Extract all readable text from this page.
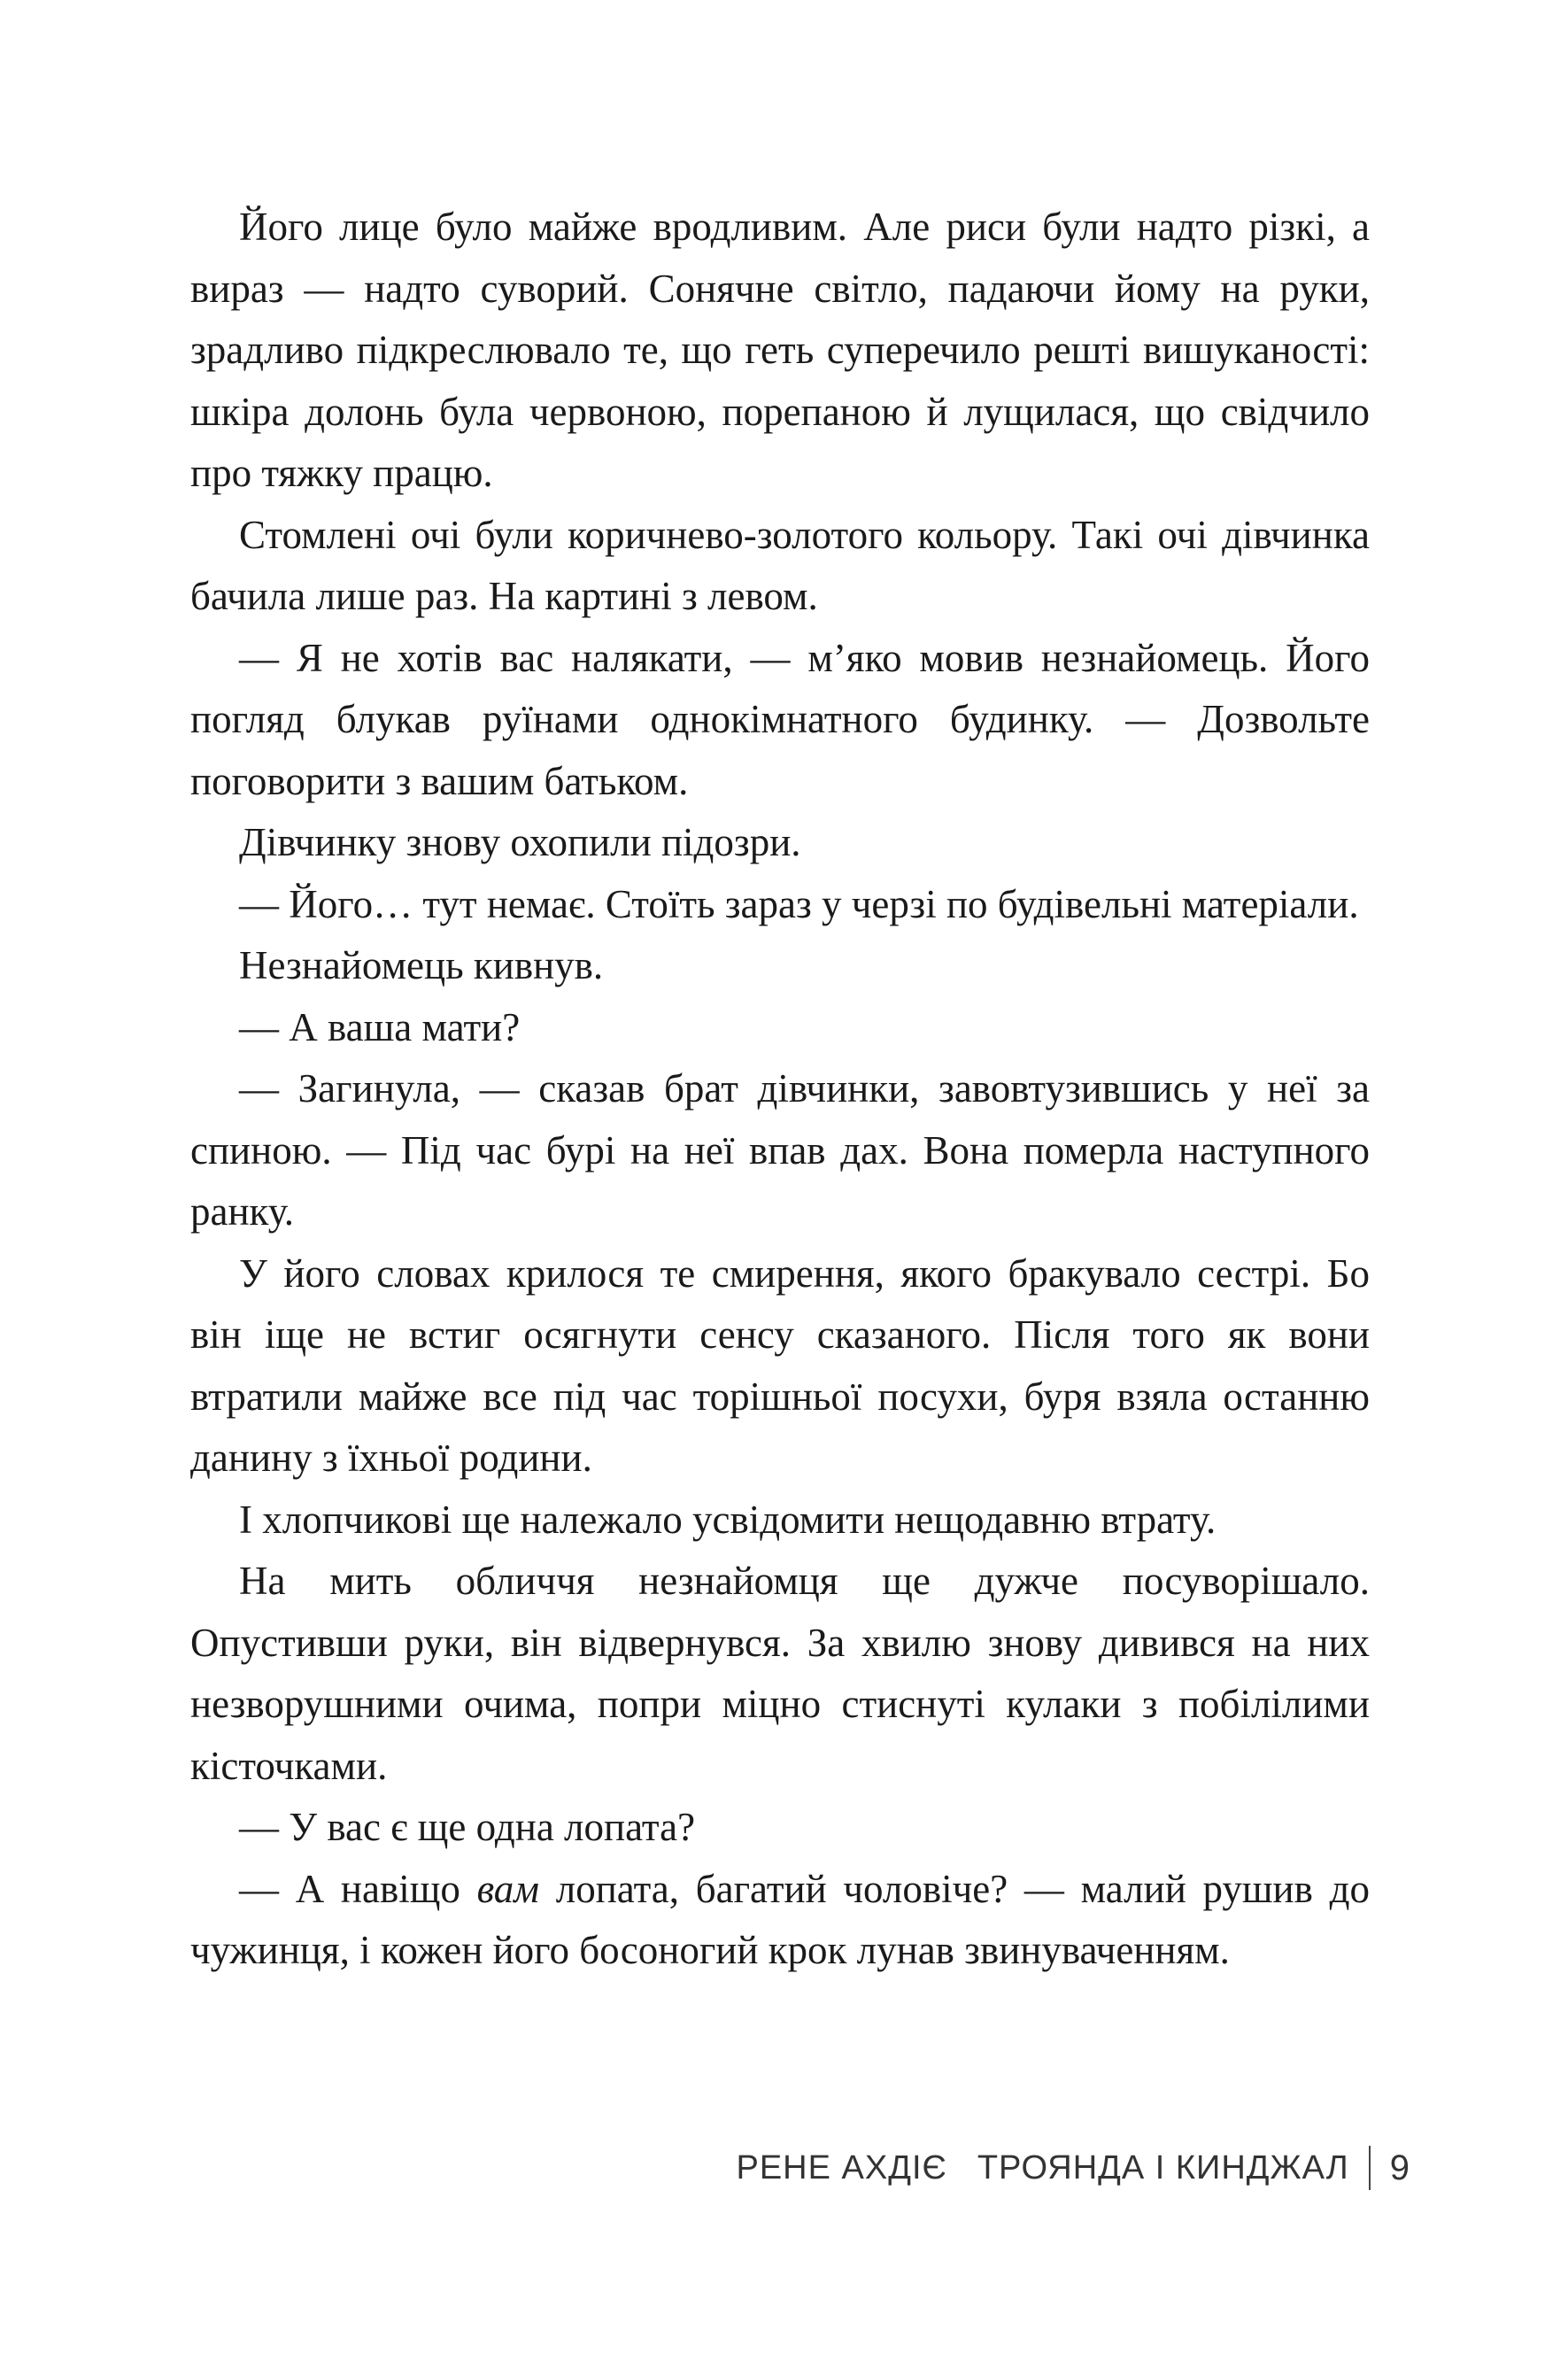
Його лице було майже вродливим. Але риси були надто різкі, а вираз — надто суворий. Сонячне світло, падаючи йому на руки, зрадливо підкреслювало те, що геть суперечило решті вишуканості: шкіра долонь була червоною, порепаною й лущилася, що свідчило про тяжку працю.

Стомлені очі були коричнево-золотого кольору. Такі очі дівчинка бачила лише раз. На картині з левом.

— Я не хотів вас налякати, — м’яко мовив незнайомець. Його погляд блукав руїнами однокімнатного будинку. — Дозвольте поговорити з вашим батьком.

Дівчинку знову охопили підозри.

— Його… тут немає. Стоїть зараз у черзі по будівельні матеріали.

Незнайомець кивнув.

— А ваша мати?

— Загинула, — сказав брат дівчинки, завовтузившись у неї за спиною. — Під час бурі на неї впав дах. Вона померла наступного ранку.

У його словах крилося те смирення, якого бракувало сестрі. Бо він іще не встиг осягнути сенсу сказаного. Після того як вони втратили майже все під час торішньої посухи, буря взяла останню данину з їхньої родини.

І хлопчикові ще належало усвідомити нещодавню втрату.

На мить обличчя незнайомця ще дужче посуворішало. Опустивши руки, він відвернувся. За хвилю знову дивився на них незворушними очима, попри міцно стиснуті кулаки з побілілими кісточками.

— У вас є ще одна лопата?

— А навіщо вам лопата, багатий чоловіче? — малий рушив до чужинця, і кожен його босоногий крок лунав звинуваченням.

РЕНЕ АХДІЄ ТРОЯНДА І КИНДЖАЛ 9
